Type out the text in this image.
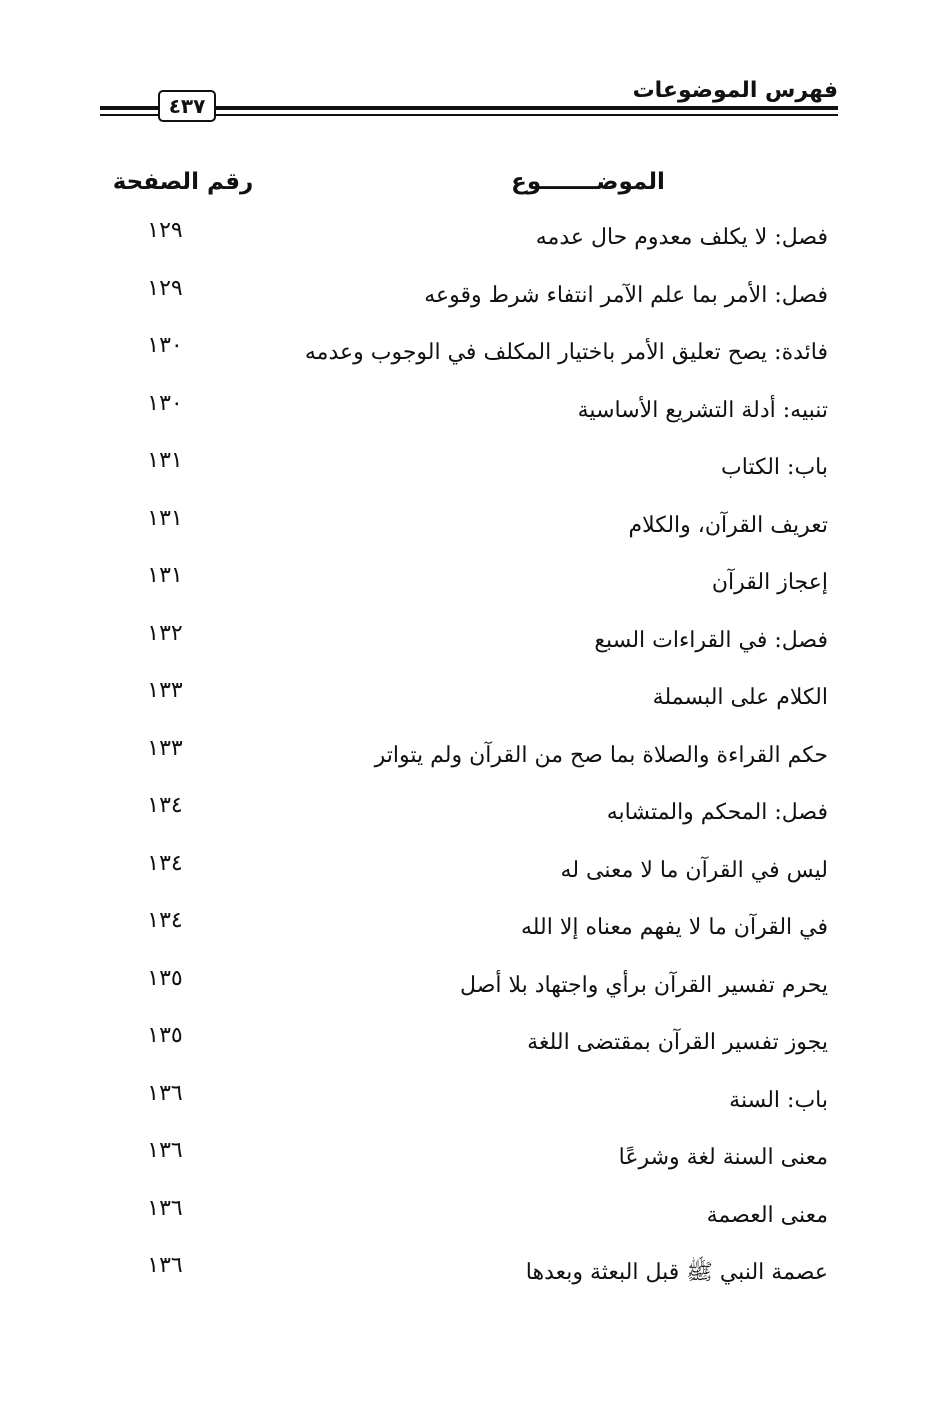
فهرس الموضوعات
٤٣٧
الموضـــــــوع
رقم الصفحة
فصل: لا يكلف معدوم حال عدمه
١٢٩
فصل: الأمر بما علم الآمر انتفاء شرط وقوعه
١٢٩
فائدة: يصح تعليق الأمر باختيار المكلف في الوجوب وعدمه
١٣٠
تنبيه: أدلة التشريع الأساسية
١٣٠
باب: الكتاب
١٣١
تعريف القرآن، والكلام
١٣١
إعجاز القرآن
١٣١
فصل: في القراءات السبع
١٣٢
الكلام على البسملة
١٣٣
حكم القراءة والصلاة بما صح من القرآن ولم يتواتر
١٣٣
فصل: المحكم والمتشابه
١٣٤
ليس في القرآن ما لا معنى له
١٣٤
في القرآن ما لا يفهم معناه إلا الله
١٣٤
يحرم تفسير القرآن برأي واجتهاد بلا أصل
١٣٥
يجوز تفسير القرآن بمقتضى اللغة
١٣٥
باب: السنة
١٣٦
معنى السنة لغة وشرعًا
١٣٦
معنى العصمة
١٣٦
عصمة النبي ﷺ قبل البعثة وبعدها
١٣٦
